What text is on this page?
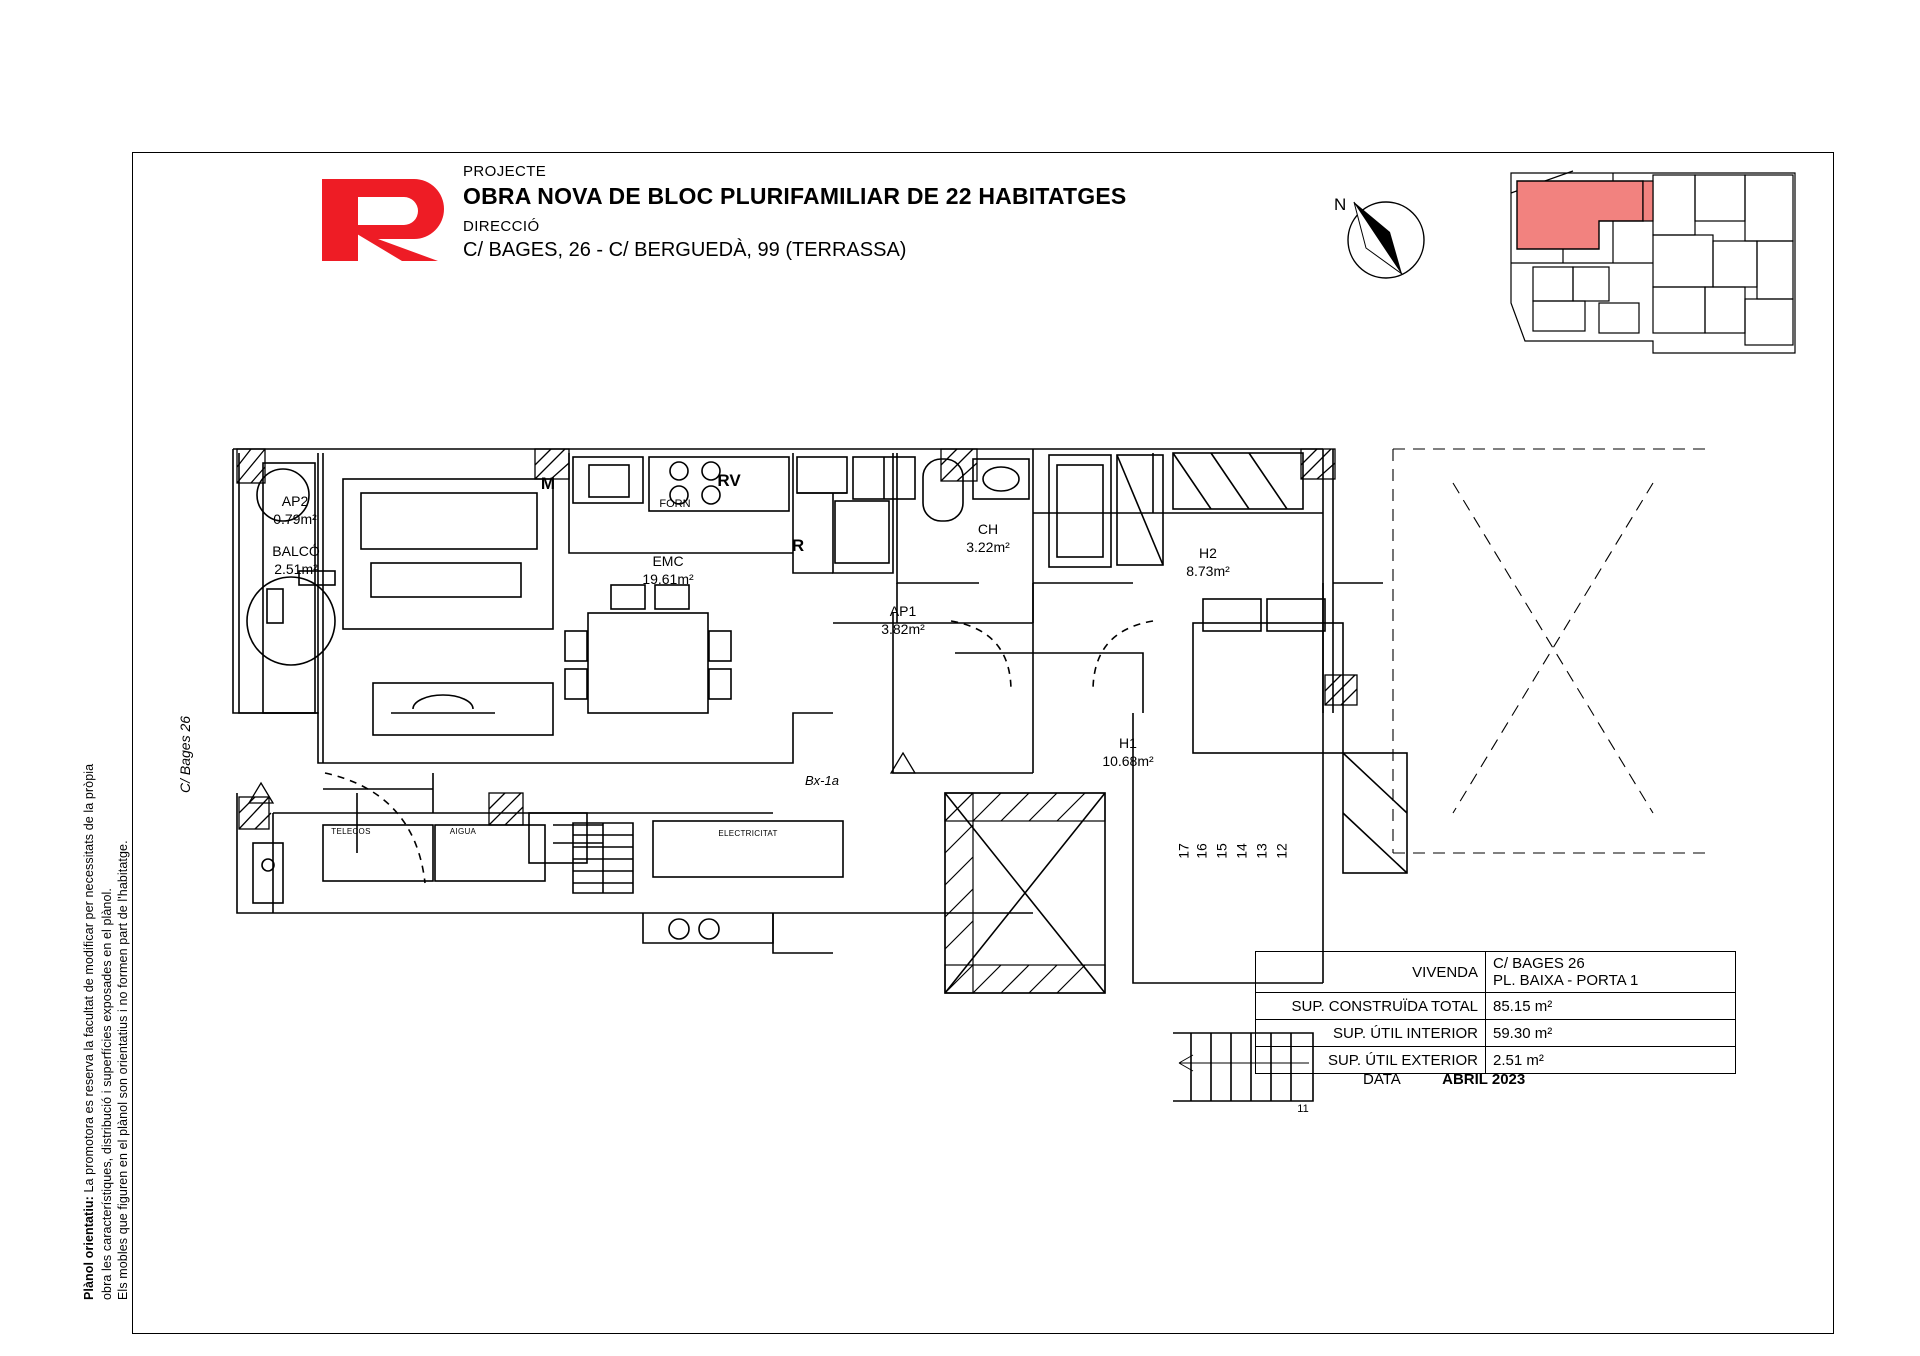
PROJECTE
OBRA NOVA DE BLOC PLURIFAMILIAR DE 22 HABITATGES
DIRECCIÓ
C/ BAGES, 26 - C/ BERGUEDÀ, 99 (TERRASSA)
N
AP2
0.79m²
BALCÓ
2.51m²	EMC
19.61m²
CH
3.22m²	H2
8.73m²
H1
10.68m²
AP1
3.82m²
M	RV
FORN
R
TELECOS	AIGUA	ELECTRICITAT
Bx-1a
C/ Bages 26
17 16 15 14 13 12
11
VIVENDA	C/ BAGES 26
PL. BAIXA - PORTA 1
SUP. CONSTRUÏDA TOTAL	85.15 m²
SUP. ÚTIL INTERIOR	59.30 m²
SUP. ÚTIL EXTERIOR	2.51 m²
DATA	ABRIL 2023
Plànol orientatiu: La promotora es reserva la facultat de modificar per necessitats de la pròpia obra les característiques, distribució i superfícies exposades en el plànol. Els mobles que figuren en el plànol son orientatius i no formen part de l'habitatge.
